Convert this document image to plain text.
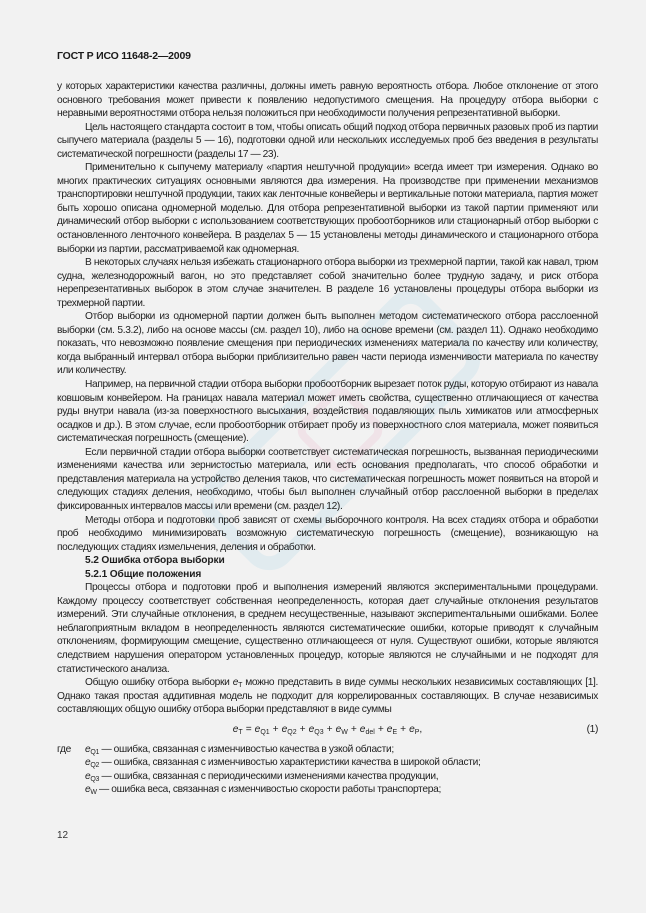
ГОСТ Р ИСО 11648-2—2009

у которых характеристики качества различны, должны иметь равную вероятность отбора. Любое отклонение от этого основного требования может привести к появлению недопустимого смещения. На процедуру отбора выборки с неравными вероятностями отбора нельзя положиться при необходимости получения репрезентативной выборки.

Цель настоящего стандарта состоит в том, чтобы описать общий подход отбора первичных разовых проб из партии сыпучего материала (разделы 5 — 16), подготовки одной или нескольких исследуемых проб без введения в результаты систематической погрешности (разделы 17 — 23).

Применительно к сыпучему материалу «партия нештучной продукции» всегда имеет три измерения. Однако во многих практических ситуациях основными являются два измерения. На производстве при применении механизмов транспортировки нештучной продукции, таких как ленточные конвейеры и вертикальные потоки материала, партия может быть хорошо описана одномерной моделью. Для отбора репрезентативной выборки из такой партии применяют или динамический отбор выборки с использованием соответствующих пробоотборников или стационарный отбор выборки с остановленного ленточного конвейера. В разделах 5 — 15 установлены методы динамического и стационарного отбора выборки из партии, рассматриваемой как одномерная.

В некоторых случаях нельзя избежать стационарного отбора выборки из трехмерной партии, такой как навал, трюм судна, железнодорожный вагон, но это представляет собой значительно более трудную задачу, и риск отбора нерепрезентативных выборок в этом случае значителен. В разделе 16 установлены процедуры отбора выборки из трехмерной партии.

Отбор выборки из одномерной партии должен быть выполнен методом систематического отбора расслоенной выборки (см. 5.3.2), либо на основе массы (см. раздел 10), либо на основе времени (см. раздел 11). Однако необходимо показать, что невозможно появление смещения при периодических изменениях материала по качеству или количеству, когда выбранный интервал отбора выборки приблизительно равен части периода изменчивости материала по качеству или количеству.

Например, на первичной стадии отбора выборки пробоотборник вырезает поток руды, которую отбирают из навала ковшовым конвейером. На границах навала материал может иметь свойства, существенно отличающиеся от качества руды внутри навала (из-за поверхностного высыхания, воздействия подавляющих пыль химикатов или атмосферных осадков и др.). В этом случае, если пробоотборник отбирает пробу из поверхностного слоя материала, может появиться систематическая погрешность (смещение).

Если первичной стадии отбора выборки соответствует систематическая погрешность, вызванная периодическими изменениями качества или зернистостью материала, или есть основания предполагать, что способ обработки и представления материала на устройство деления таков, что систематическая погрешность может появиться на второй и следующих стадиях деления, необходимо, чтобы был выполнен случайный отбор расслоенной выборки в пределах фиксированных интервалов массы или времени (см. раздел 12).

Методы отбора и подготовки проб зависят от схемы выборочного контроля. На всех стадиях отбора и обработки проб необходимо минимизировать возможную систематическую погрешность (смещение), возникающую на последующих стадиях измельчения, деления и обработки.

5.2 Ошибка отбора выборки

5.2.1 Общие положения

Процессы отбора и подготовки проб и выполнения измерений являются экспериментальными процедурами. Каждому процессу соответствует собственная неопределенность, которая дает случайные отклонения результатов измерений. Эти случайные отклонения, в среднем несущественные, называют экспериmентальными ошибками. Более неблагоприятным вкладом в неопределенность являются систематические ошибки, которые приводят к случайным отклонениям, формирующим смещение, существенно отличающееся от нуля. Существуют ошибки, которые являются следствием нарушения оператором установленных процедур, которые являются не случайными и не подходят для статистического анализа.

Общую ошибку отбора выборки $e_T$ можно представить в виде суммы нескольких независимых составляющих [1]. Однако такая простая аддитивная модель не подходит для коррелированных составляющих. В случае независимых составляющих общую ошибку отбора выборки представляют в виде суммы

$e_T = e_{Q1} + e_{Q2} + e_{Q3} + e_W + e_{del} + e_E + e_P$,	(1)
где $e_{Q1}$ — ошибка, связанная с изменчивостью качества в узкой области;
$e_{Q2}$ — ошибка, связанная с изменчивостью характеристики качества в широкой области;
$e_{Q3}$ — ошибка, связанная с периодическими изменениями качества продукции,
$e_W$ — ошибка веса, связанная с изменчивостью скорости работы транспортера;
12
